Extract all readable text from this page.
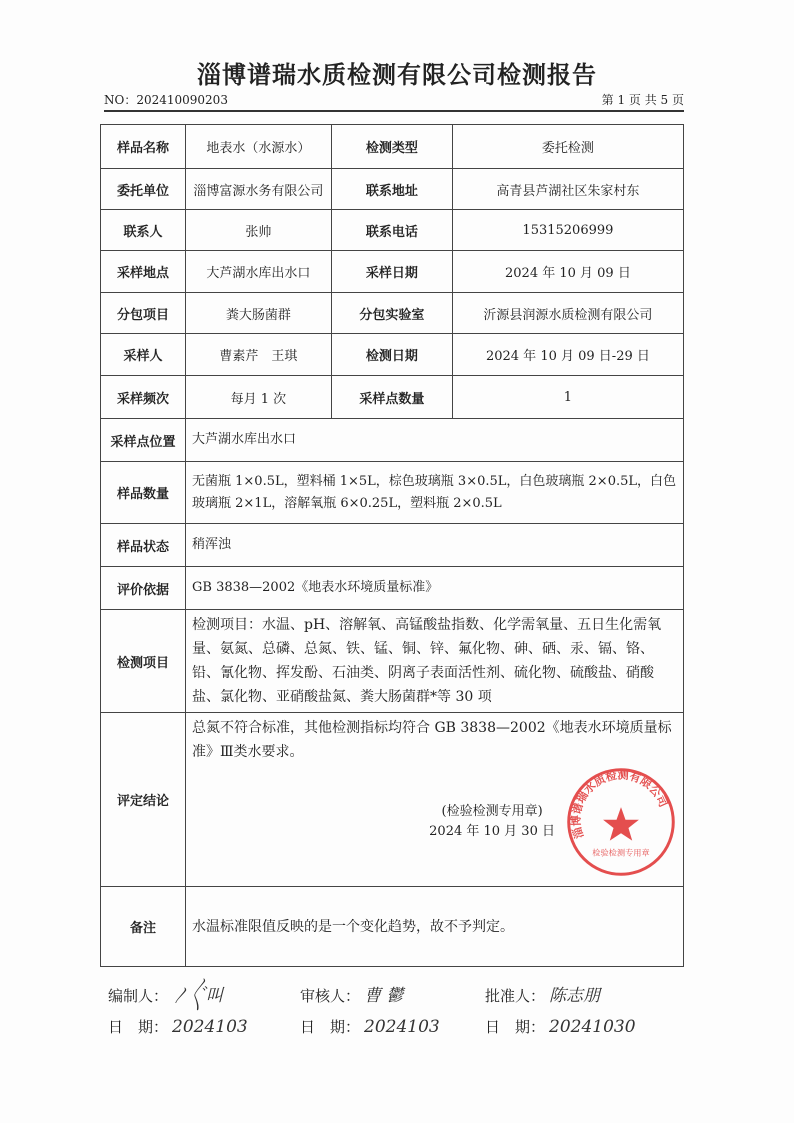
淄博谱瑞水质检测有限公司检测报告
NO：202410090203	第 1 页 共 5 页
样品名称	地表水（水源水）	检测类型	委托检测
委托单位	淄博富源水务有限公司	联系地址	高青县芦湖社区朱家村东
联系人	张帅	联系电话	15315206999
采样地点	大芦湖水库出水口	采样日期	2024 年 10 月 09 日
分包项目	粪大肠菌群	分包实验室	沂源县润源水质检测有限公司
采样人	曹素芹　王琪	检测日期	2024 年 10 月 09 日-29 日
采样频次	每月 1 次	采样点数量	1
采样点位置	大芦湖水库出水口		
样品数量	无菌瓶 1×0.5L，塑料桶 1×5L，棕色玻璃瓶 3×0.5L，白色玻璃瓶 2×0.5L，白色玻璃瓶 2×1L，溶解氧瓶 6×0.25L，塑料瓶 2×0.5L		
样品状态	稍浑浊		
评价依据	GB 3838—2002《地表水环境质量标准》		
检测项目	检测项目：水温、pH、溶解氧、高锰酸盐指数、化学需氧量、五日生化需氧量、氨氮、总磷、总氮、铁、锰、铜、锌、氟化物、砷、硒、汞、镉、铬、铅、氰化物、挥发酚、石油类、阴离子表面活性剂、硫化物、硫酸盐、硝酸盐、氯化物、亚硝酸盐氮、粪大肠菌群*等 30 项		
评定结论	总氮不符合标准，其他检测指标均符合 GB 3838—2002《地表水环境质量标准》Ⅲ类水要求。
(检验检测专用章)
2024 年 10 月 30 日 淄博谱瑞水质检测有限公司
检验检测专用章		

备注	水温标准限值反映的是一个变化趋势，故不予判定。		
编制人： 〳〲叫	审核人： 曹 鬱	批准人： 陈志朋
日　期： 2024103	日　期： 2024103	日　期： 20241030
